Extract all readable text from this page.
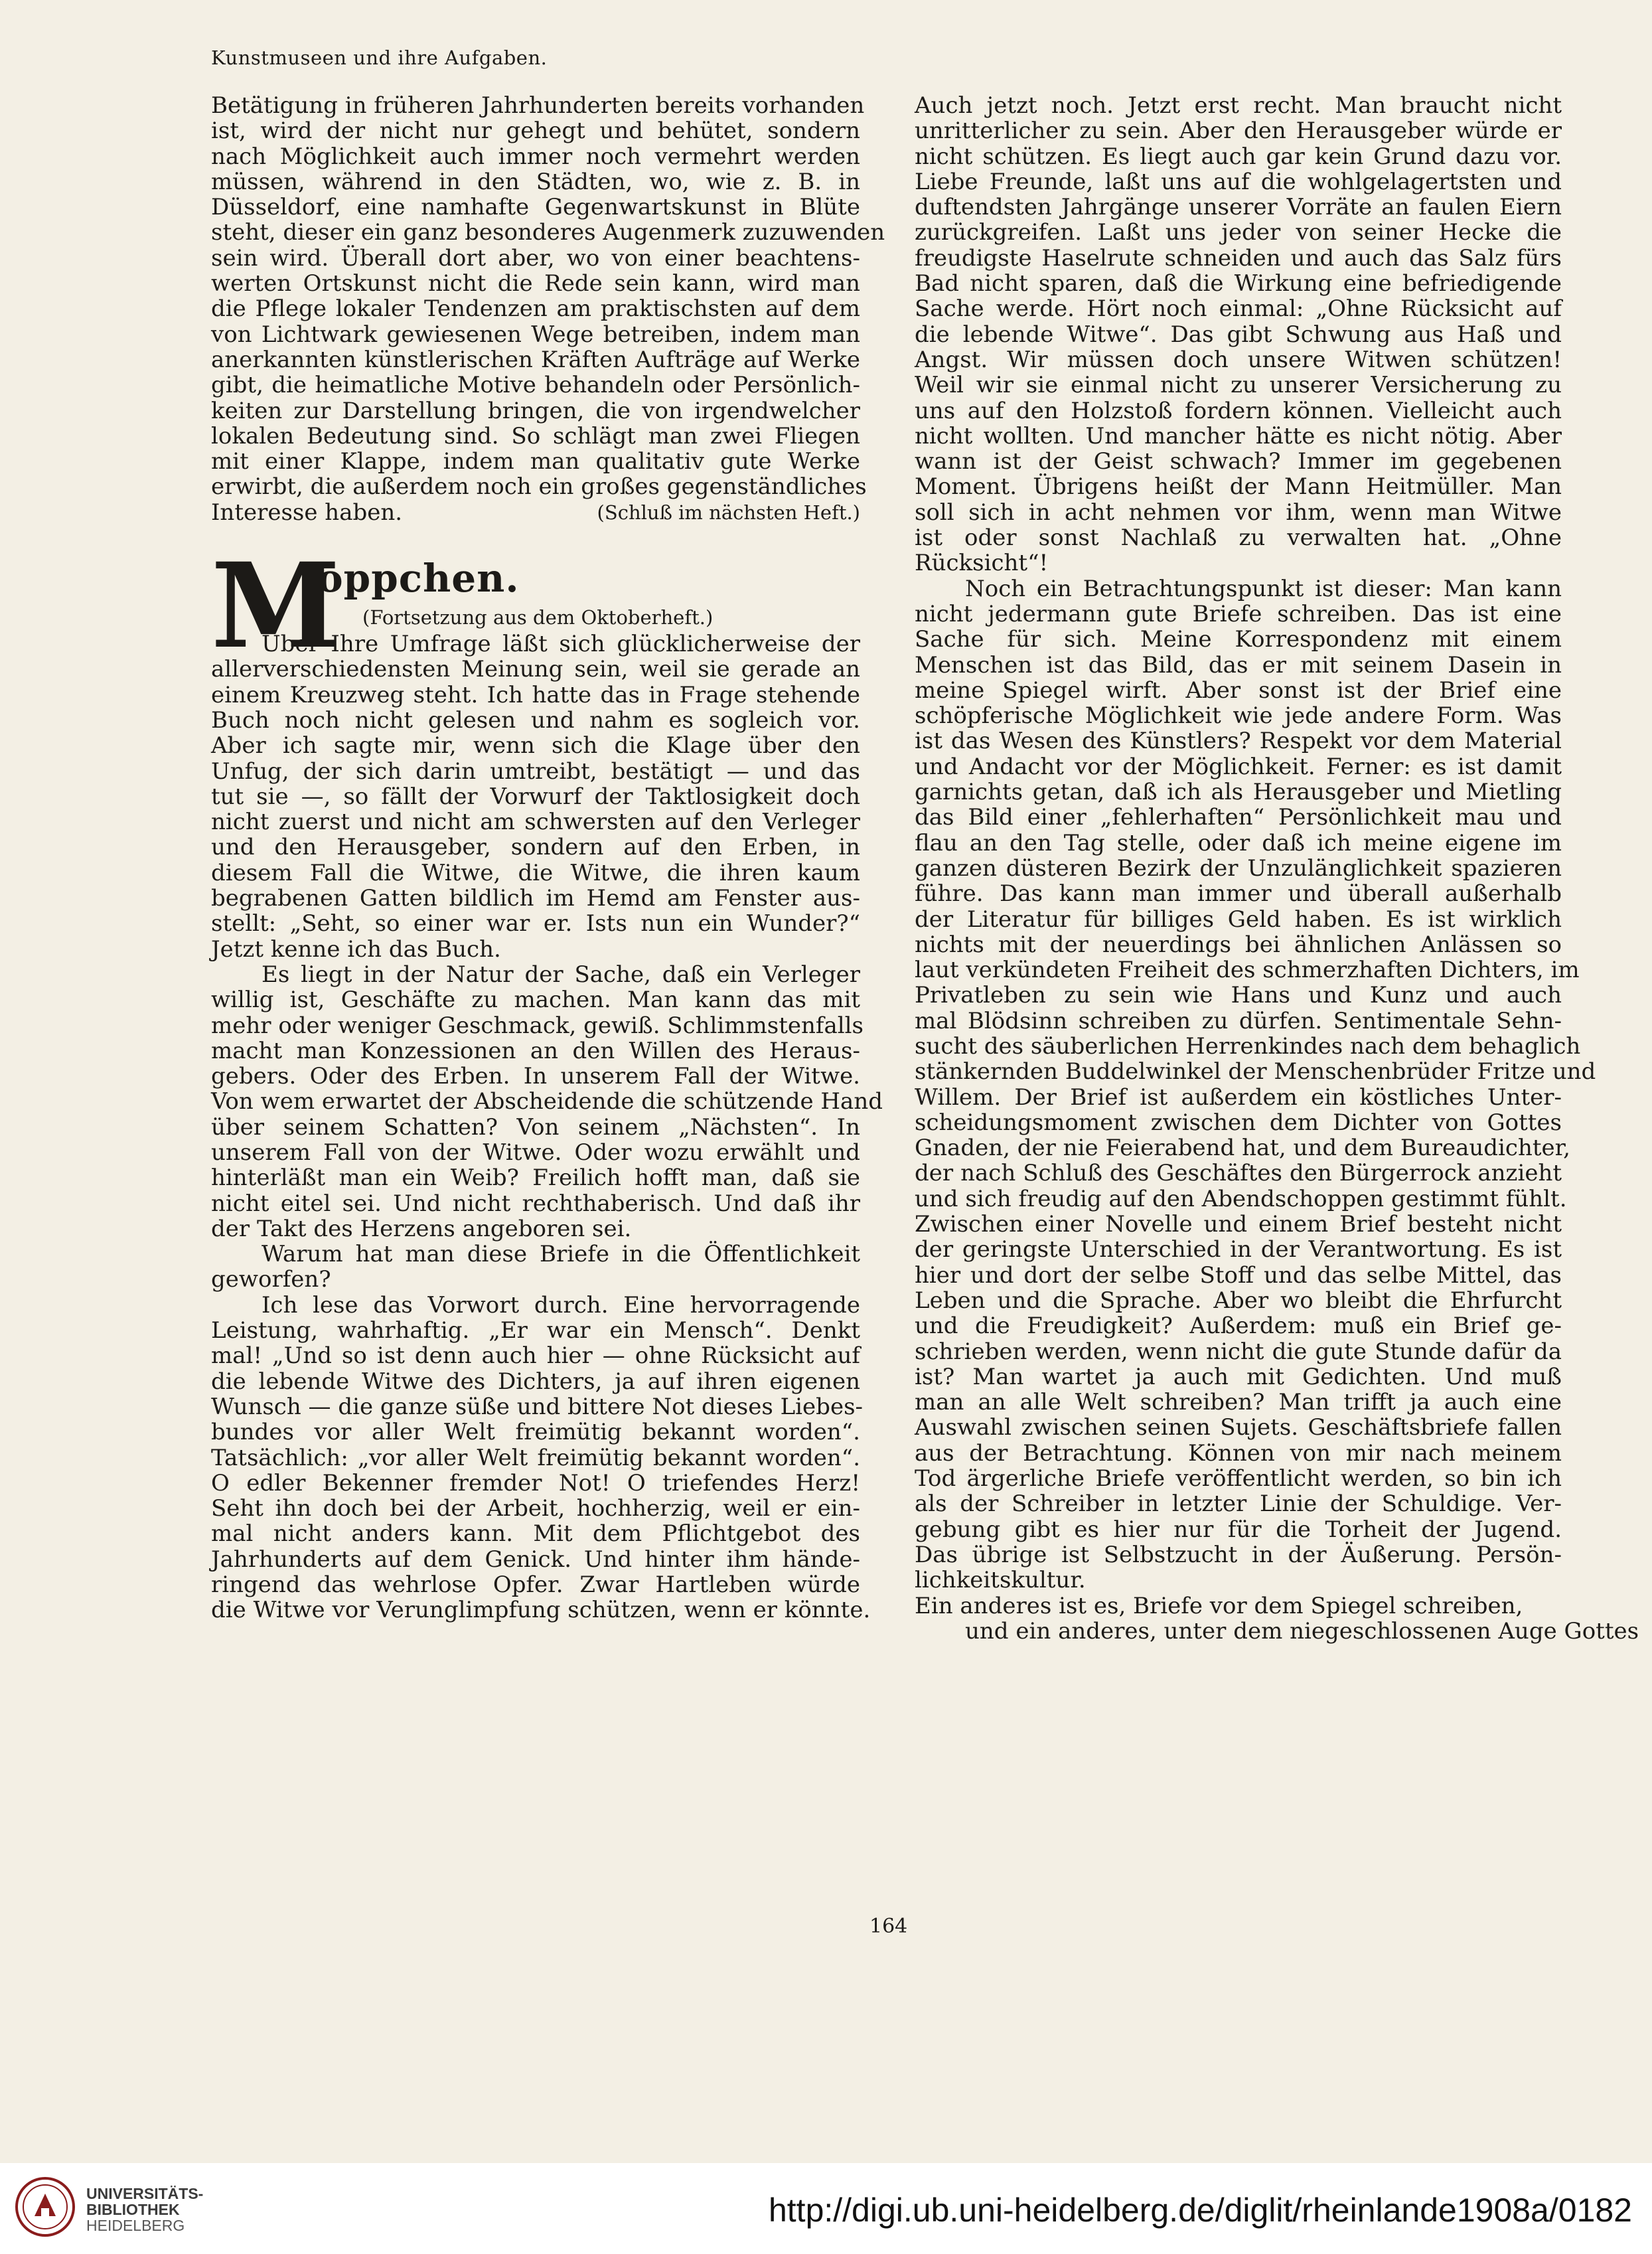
Kunstmuseen und ihre Aufgaben.
Betätigung in früheren Jahrhunderten bereits vorhanden
ist, wird der nicht nur gehegt und behütet, sondern
nach Möglichkeit auch immer noch vermehrt werden
müssen, während in den Städten, wo, wie z. B. in
Düsseldorf, eine namhafte Gegenwartskunst in Blüte
steht, dieser ein ganz besonderes Augenmerk zuzuwenden
sein wird. Überall dort aber, wo von einer beachtens-
werten Ortskunst nicht die Rede sein kann, wird man
die Pflege lokaler Tendenzen am praktischsten auf dem
von Lichtwark gewiesenen Wege betreiben, indem man
anerkannten künstlerischen Kräften Aufträge auf Werke
gibt, die heimatliche Motive behandeln oder Persönlich-
keiten zur Darstellung bringen, die von irgendwelcher
lokalen Bedeutung sind. So schlägt man zwei Fliegen
mit einer Klappe, indem man qualitativ gute Werke
erwirbt, die außerdem noch ein großes gegenständliches
Interesse haben.	(Schluß im nächsten Heft.)
M
oppchen.
(Fortsetzung aus dem Oktoberheft.)
Über Ihre Umfrage läßt sich glücklicherweise der
allerverschiedensten Meinung sein, weil sie gerade an
einem Kreuzweg steht. Ich hatte das in Frage stehende
Buch noch nicht gelesen und nahm es sogleich vor.
Aber ich sagte mir, wenn sich die Klage über den
Unfug, der sich darin umtreibt, bestätigt — und das
tut sie —, so fällt der Vorwurf der Taktlosigkeit doch
nicht zuerst und nicht am schwersten auf den Verleger
und den Herausgeber, sondern auf den Erben, in
diesem Fall die Witwe, die Witwe, die ihren kaum
begrabenen Gatten bildlich im Hemd am Fenster aus-
stellt: „Seht, so einer war er. Ists nun ein Wunder?“
Jetzt kenne ich das Buch.
Es liegt in der Natur der Sache, daß ein Verleger
willig ist, Geschäfte zu machen. Man kann das mit
mehr oder weniger Geschmack, gewiß. Schlimmstenfalls
macht man Konzessionen an den Willen des Heraus-
gebers. Oder des Erben. In unserem Fall der Witwe.
Von wem erwartet der Abscheidende die schützende Hand
über seinem Schatten? Von seinem „Nächsten“. In
unserem Fall von der Witwe. Oder wozu erwählt und
hinterläßt man ein Weib? Freilich hofft man, daß sie
nicht eitel sei. Und nicht rechthaberisch. Und daß ihr
der Takt des Herzens angeboren sei.
Warum hat man diese Briefe in die Öffentlichkeit
geworfen?
Ich lese das Vorwort durch. Eine hervorragende
Leistung, wahrhaftig. „Er war ein Mensch“. Denkt
mal! „Und so ist denn auch hier — ohne Rücksicht auf
die lebende Witwe des Dichters, ja auf ihren eigenen
Wunsch — die ganze süße und bittere Not dieses Liebes-
bundes vor aller Welt freimütig bekannt worden“.
Tatsächlich: „vor aller Welt freimütig bekannt worden“.
O edler Bekenner fremder Not! O triefendes Herz!
Seht ihn doch bei der Arbeit, hochherzig, weil er ein-
mal nicht anders kann. Mit dem Pflichtgebot des
Jahrhunderts auf dem Genick. Und hinter ihm hände-
ringend das wehrlose Opfer. Zwar Hartleben würde
die Witwe vor Verunglimpfung schützen, wenn er könnte.
Auch jetzt noch. Jetzt erst recht. Man braucht nicht
unritterlicher zu sein. Aber den Herausgeber würde er
nicht schützen. Es liegt auch gar kein Grund dazu vor.
Liebe Freunde, laßt uns auf die wohlgelagertsten und
duftendsten Jahrgänge unserer Vorräte an faulen Eiern
zurückgreifen. Laßt uns jeder von seiner Hecke die
freudigste Haselrute schneiden und auch das Salz fürs
Bad nicht sparen, daß die Wirkung eine befriedigende
Sache werde. Hört noch einmal: „Ohne Rücksicht auf
die lebende Witwe“. Das gibt Schwung aus Haß und
Angst. Wir müssen doch unsere Witwen schützen!
Weil wir sie einmal nicht zu unserer Versicherung zu
uns auf den Holzstoß fordern können. Vielleicht auch
nicht wollten. Und mancher hätte es nicht nötig. Aber
wann ist der Geist schwach? Immer im gegebenen
Moment. Übrigens heißt der Mann Heitmüller. Man
soll sich in acht nehmen vor ihm, wenn man Witwe
ist oder sonst Nachlaß zu verwalten hat. „Ohne
Rücksicht“!
Noch ein Betrachtungspunkt ist dieser: Man kann
nicht jedermann gute Briefe schreiben. Das ist eine
Sache für sich. Meine Korrespondenz mit einem
Menschen ist das Bild, das er mit seinem Dasein in
meine Spiegel wirft. Aber sonst ist der Brief eine
schöpferische Möglichkeit wie jede andere Form. Was
ist das Wesen des Künstlers? Respekt vor dem Material
und Andacht vor der Möglichkeit. Ferner: es ist damit
garnichts getan, daß ich als Herausgeber und Mietling
das Bild einer „fehlerhaften“ Persönlichkeit mau und
flau an den Tag stelle, oder daß ich meine eigene im
ganzen düsteren Bezirk der Unzulänglichkeit spazieren
führe. Das kann man immer und überall außerhalb
der Literatur für billiges Geld haben. Es ist wirklich
nichts mit der neuerdings bei ähnlichen Anlässen so
laut verkündeten Freiheit des schmerzhaften Dichters, im
Privatleben zu sein wie Hans und Kunz und auch
mal Blödsinn schreiben zu dürfen. Sentimentale Sehn-
sucht des säuberlichen Herrenkindes nach dem behaglich
stänkernden Buddelwinkel der Menschenbrüder Fritze und
Willem. Der Brief ist außerdem ein köstliches Unter-
scheidungsmoment zwischen dem Dichter von Gottes
Gnaden, der nie Feierabend hat, und dem Bureaudichter,
der nach Schluß des Geschäftes den Bürgerrock anzieht
und sich freudig auf den Abendschoppen gestimmt fühlt.
Zwischen einer Novelle und einem Brief besteht nicht
der geringste Unterschied in der Verantwortung. Es ist
hier und dort der selbe Stoff und das selbe Mittel, das
Leben und die Sprache. Aber wo bleibt die Ehrfurcht
und die Freudigkeit? Außerdem: muß ein Brief ge-
schrieben werden, wenn nicht die gute Stunde dafür da
ist? Man wartet ja auch mit Gedichten. Und muß
man an alle Welt schreiben? Man trifft ja auch eine
Auswahl zwischen seinen Sujets. Geschäftsbriefe fallen
aus der Betrachtung. Können von mir nach meinem
Tod ärgerliche Briefe veröffentlicht werden, so bin ich
als der Schreiber in letzter Linie der Schuldige. Ver-
gebung gibt es hier nur für die Torheit der Jugend.
Das übrige ist Selbstzucht in der Äußerung. Persön-
lichkeitskultur.
Ein anderes ist es, Briefe vor dem Spiegel schreiben,
und ein anderes, unter dem niegeschlossenen Auge Gottes
164
UNIVERSITÄTS-
BIBLIOTHEK
HEIDELBERG	http://digi.ub.uni-heidelberg.de/diglit/rheinlande1908a/0182
